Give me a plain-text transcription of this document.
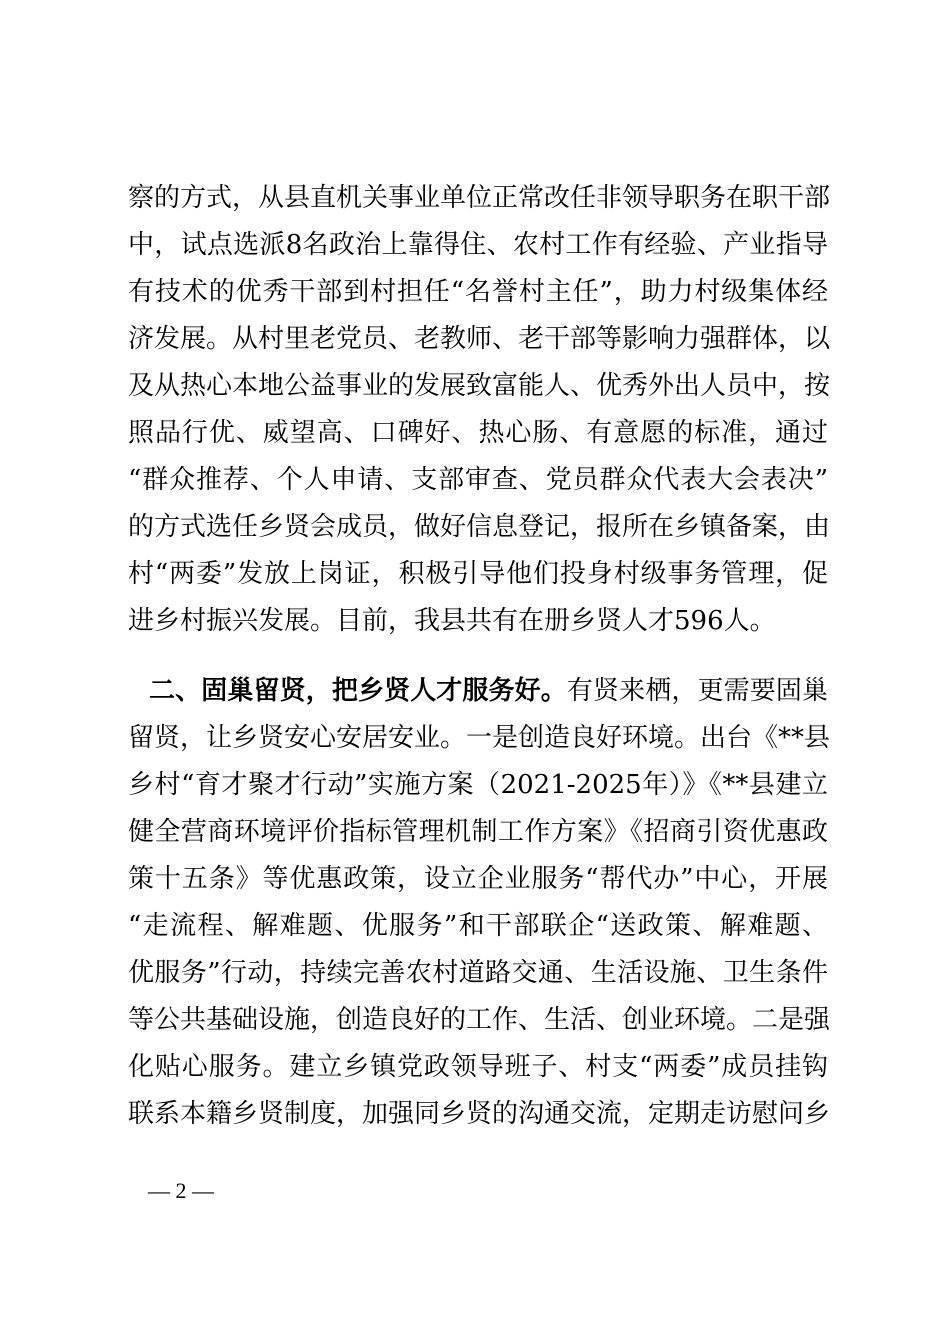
察的方式，从县直机关事业单位正常改任非领导职务在职干部
中，试点选派8名政治上靠得住、农村工作有经验、产业指导
有技术的优秀干部到村担任“名誉村主任”，助力村级集体经
济发展。从村里老党员、老教师、老干部等影响力强群体，以
及从热心本地公益事业的发展致富能人、优秀外出人员中，按
照品行优、威望高、口碑好、热心肠、有意愿的标准，通过
“群众推荐、个人申请、支部审查、党员群众代表大会表决”
的方式选任乡贤会成员，做好信息登记，报所在乡镇备案，由
村“两委”发放上岗证，积极引导他们投身村级事务管理，促
进乡村振兴发展。目前，我县共有在册乡贤人才596人。
二、固巢留贤，把乡贤人才服务好。有贤来栖，更需要固巢
留贤，让乡贤安心安居安业。一是创造良好环境。出台《**县
乡村“育才聚才行动”实施方案（2021-2025年）》《**县建立
健全营商环境评价指标管理机制工作方案》《招商引资优惠政
策十五条》等优惠政策，设立企业服务“帮代办”中心，开展
“走流程、解难题、优服务”和干部联企“送政策、解难题、
优服务”行动，持续完善农村道路交通、生活设施、卫生条件
等公共基础设施，创造良好的工作、生活、创业环境。二是强
化贴心服务。建立乡镇党政领导班子、村支“两委”成员挂钩
联系本籍乡贤制度，加强同乡贤的沟通交流，定期走访慰问乡
— 2 —
